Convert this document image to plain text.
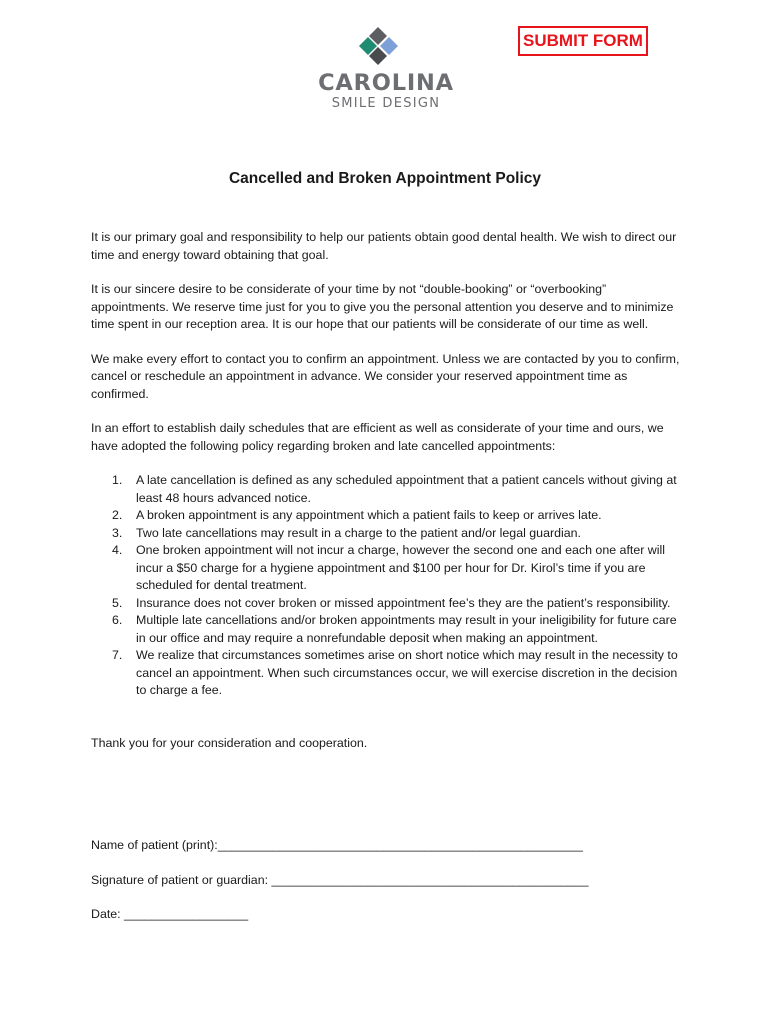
CAROLINA
SMILE DESIGN
SUBMIT FORM
Cancelled and Broken Appointment Policy

It is our primary goal and responsibility to help our patients obtain good dental health. We wish to direct our time and energy toward obtaining that goal.

It is our sincere desire to be considerate of your time by not “double-booking” or “overbooking” appointments. We reserve time just for you to give you the personal attention you deserve and to minimize time spent in our reception area. It is our hope that our patients will be considerate of our time as well.

We make every effort to contact you to confirm an appointment. Unless we are contacted by you to confirm, cancel or reschedule an appointment in advance. We consider your reserved appointment time as confirmed.

In an effort to establish daily schedules that are efficient as well as considerate of your time and ours, we have adopted the following policy regarding broken and late cancelled appointments:

1.	A late cancellation is defined as any scheduled appointment that a patient cancels without giving at least 48 hours advanced notice.
2.	A broken appointment is any appointment which a patient fails to keep or arrives late.
3.	Two late cancellations may result in a charge to the patient and/or legal guardian.
4.	One broken appointment will not incur a charge, however the second one and each one after will incur a $50 charge for a hygiene appointment and $100 per hour for Dr. Kirol’s time if you are scheduled for dental treatment.
5.	Insurance does not cover broken or missed appointment fee’s they are the patient’s responsibility.
6.	Multiple late cancellations and/or broken appointments may result in your ineligibility for future care in our office and may require a nonrefundable deposit when making an appointment.
7.	We realize that circumstances sometimes arise on short notice which may result in the necessity to cancel an appointment. When such circumstances occur, we will exercise discretion in the decision to charge a fee.

Thank you for your consideration and cooperation.

Name of patient (print):_____________________________________________________
Signature of patient or guardian: ______________________________________________
Date: __________________
